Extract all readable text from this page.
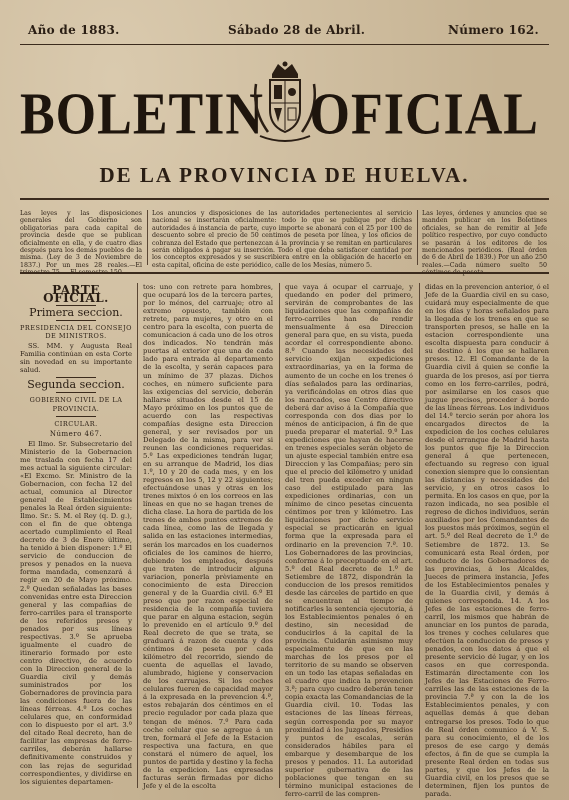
Año de 1883.	Sábado 28 de Abril.	Número 162.
BOLETIN OFICIAL
DE LA PROVINCIA DE HUELVA.
Las leyes y las disposiciones generales del Gobierno son obligatorias para cada capital de provincia desde que se publican oficialmente en ella, y de cuatro dias después para los demás pueblos de la misma. (Ley de 3 de Noviembre de 1837.) Por un mes 28 reales.—El trimestre 75. —El semestre 150.
Los anuncios y disposiciones de las autoridades pertenecientes al servicio nacional se insertarán oficialmente: todo lo que se publique por dichas autoridades á instancia de parte, cuyo importe se abonará con el 25 por 100 de descuento sobre el precio de 50 centimos de peseta por línea, y los oficios de cobranza del Estado que pertenezcan á la provincia y se remitan en particulares serán obligados á pagar su inserción. Todo el que deba satisfacer cantidad por los conceptos expresados y se suscribiera entre en la obligación de hacerlo en esta capital, oficina de este periódico, calle de los Mesías, número 5.
Las leyes, órdenes y anuncios que se manden publicar en los Boletines oficiales, se han de remitir al Jefe político respectivo, por cuyo conducto se pasarán á los editores de los mencionados periódicos. (Real órden de 6 de Abril de 1839.) Por un año 250 reales.—Cada número suelto 50 céntimos de peseta.
PARTE OFICIAL.
Primera seccion.
PRESIDENCIA DEL CONSEJO DE MINISTROS.

SS. MM. y Augusta Real Familia continúan en esta Corte sin novedad en su importante salud.

Segunda seccion.
GOBIERNO CIVIL DE LA PROVINCIA.
CIRCULAR.
Número 467.

El Ilmo. Sr. Subsecretario del Ministerio de la Gobernacion me traslada con fecha 17 del mes actual la siguiente circular: «El Excmo. Sr. Ministro de la Gobernacion, con fecha 12 del actual, comunica al Director general de Establecimientos penales la Real órden siguiente: Ilmo. Sr.: S. M. el Rey (q. D. g.), con el fin de que obtenga acertado cumplimiento el Real decreto de 3 de Enero último, ha tenido á bien disponer: 1.º El servicio de conduccion de presos y penados en la nueva forma mandada, comenzará á regir en 20 de Mayo próximo. 2.º Quedan señaladas las bases convenidas entre esta Direccion general y las compañias de ferro-carriles para el transporte de los referidos presos y penados por sus líneas respectivas. 3.º Se aprueba igualmente el cuadro de itinerario formado por este centro directivo, de acuerdo con la Direccion general de la Guardia civil y demás suministrados por los Gobernadores de provincia para las condiciones fuera de las líneas férreas. 4.º Los coches celulares que, en conformidad con lo dispuesto por el art. 3.º del citado Real decreto, han de facilitar las empresas de ferro-carriles, deberán hallarse definitivamente construidos y con las rejas de seguridad correspondientes, y dividirse en los siguientes departamen-

tos: uno con retrete para hombres, que ocupará los de la tercera partes, por lo ménos, del carruaje; otro al extremo opuesto, también con retrete, para mujeres, y otro en el centro para la escolta, con puerta de comunicacion á cada uno de los otros dos indicados. No tendrán más puertas al exterior que una de cada lado para entrada al departamento de la escolta, y serán capaces para un mínimo de 37 plazas. Dichos coches, en número suficiente para las exigencias del servicio, deberán hallarse situados desde el 15 de Mayo próximo en los puntos que de acuerdo con las respectivas compañías designe esta Direccion general, y ser revisados por un Delegado de la misma, para ver si reunen las condiciones requeridas. 5.º Las expediciones tendrán lugar, en su arranque de Madrid, los dias 1.º, 10 y 20 de cada mes, y en los regresos en los 5, 12 y 22 siguientes; efectuándose unas y otras en los trenes mixtos ó en los correos en las líneas en que no se hagan trenes de dicha clase. La hora de partida de los trenes de ambos puntos extremos de cada línea, como las de llegada y salida en las estaciones intermedias, serán los marcados en los cuadernos oficiales de los caminos de hierro, debiendo los empleados, después que traten de introducir alguna variacion, ponerla prèviamente en conocimiento de esta Direccion general y de la Guardia civil. 6.º El preso que por razon especial de residencia de la compañía tuviera que parar en alguna estacion, según lo prevenido en el artículo 9.º del Real decreto de que se trata, se graduará á razon de cuenta y dos céntimos de peseta por cada kilómetro del recorrido, siendo de cuenta de aquellas el lavado, alumbrado, higiene y conservacion de los carruajes. Si los coches celulares fueren de capacidad mayor á la expresada en la prevencion 4.ª, estos rebajarán dos céntimos en el precio regulador por cada plaza que tengan de ménos. 7.º Para cada coche celular que se agregue á un tren, formará el Jefe de la Estacion respectiva una factura, en que constará el número de aquel, los puntos de partida y destino y la fecha de la expedicion. Las expresadas facturas serán firmadas por dicho Jefe y el de la escolta

que vaya á ocupar el carruaje, y quedando en poder del primero, servirán de comprobantes de las liquidaciones que las compañías de ferro-carriles han de rendir mensualmente á esa Direccion general para que, en su vista, pueda acordar el correspondiente abono. 8.º Cuando las necesidades del servicio exijan expediciones extraordinarias, ya en la forma de aumento de un coche en los trenes ó días señalados para las ordinarias, ya verificándolas en otros dias que los marcados, ese Centro directivo deberá dar aviso á la Compañía que corresponda con dos dias por lo ménos de anticipacion, á fin de que pueda preparar el material. 9.º Las expediciones que hayan de hacerse en trenes especiales serán objeto de un ajuste especial también entre esa Direccion y las Compañias; pero sin que el precio del kilómetro y unidad del tren pueda exceder en ningun caso del estipulado para las expediciones ordinarias, con un mínimo de cinco pesetas cincuenta céntimos por tren y kilómetro. Las liquidaciones por dicho servicio especial se practicarán en igual forma que la expresada para el ordinario en la prevencion 7.ª. 10. Los Gobernadores de las provincias, conforme á lo preceptuado en el art. 5.º del Real decreto de 1.º de Setiembre de 1872, dispondrán la conduccion de los presos remitidos desde las cárceles de partido en que se encuentran al tiempo de notificarles la sentencia ejecutoria, á los Establecimientos penales ó en destino, sin necesidad de conducirlos á la capital de la provincia. Cuidarán asimismo muy especialmente de que en las marchas de los presos por el territorio de su mando se observen en un todo las etapas señaladas en el cuadro que indica la prevencion 3.ª; para cuyo cuadro deberán tener copia exacta las Comandancias de la Guardia civil. 10. Todas las estaciones de las líneas férreas, según corresponda por su mayor proximidad á los Juzgados, Presidios y puntos de escalas, serán considerados hábiles para el embarque y desembarque de los presos y penados. 11. La autoridad superior gubernativa de las poblaciones que tengan en su término municipal estaciones de ferro-carril de las compren-

didas en la prevencion anterior, ó el Jefe de la Guardia civil en su caso, cuidará muy especialmente de que en los días y horas señalados para la llegada de los trenes en que se transporten presos, se halle en la estacion correspondiente una escolta dispuesta para conducir á su destino á los que se hallaren presos. 12. El Comandante de la Guardia civil á quien se confie la guarda de los presos, así por tierra como en los ferro-carriles, podrá, por asimilarse en los casos que juzgue precisos, proceder á bordo de las líneas férreas. Los individuos del 14.º tercio serán por ahora los encargados directos de la expedicion de los coches celulares desde el arranque de Madrid hasta los puntos que fije la Direccion general á que pertenecen, efectuando su regreso con igual conexion siempre que lo consientan las distancias y necesidades del servicio, y en otros casos lo permita. En los casos en que, por la razon indicada, no sea posible el regreso de dichos individuos, serán auxiliados por los Comandantes de los puestos más próximos, según el art. 5.º del Real decreto de 1.º de Setiembre de 1872. 13. Se comunicará esta Real órden, por conducto de los Gobernadores de las provincias, á los Alcaldes, Jueces de primera instancia, Jefes de los Establecimientos penales y de la Guardia civil, y demás á quienes corresponda. 14. A los Jefes de las estaciones de ferro-carril, los mismos que habrán de anunciar en los puntos de parada, los trenes y coches celulares que efectúen la conduccion de presos y penados, con los datos á que el presente servicio dé lugar, y en los casos en que corresponda. Estimarán directamente con los Jefes de las Estaciones de Ferro-carriles las de las estaciones de la provincia 7.ª y con la de los Establecimientos penales, y con aquellas demás á que deban entregarse los presos. Todo lo que de Real órden comunico á V. S. para su conocimiento, el de los presos de ese cargo y demás efectos, á fin de que se cumpla la presente Real órden en todas sus partes, y que los Jefes de la Guardia civil, en los presos que se determinen, fijen los puntos de parada.
